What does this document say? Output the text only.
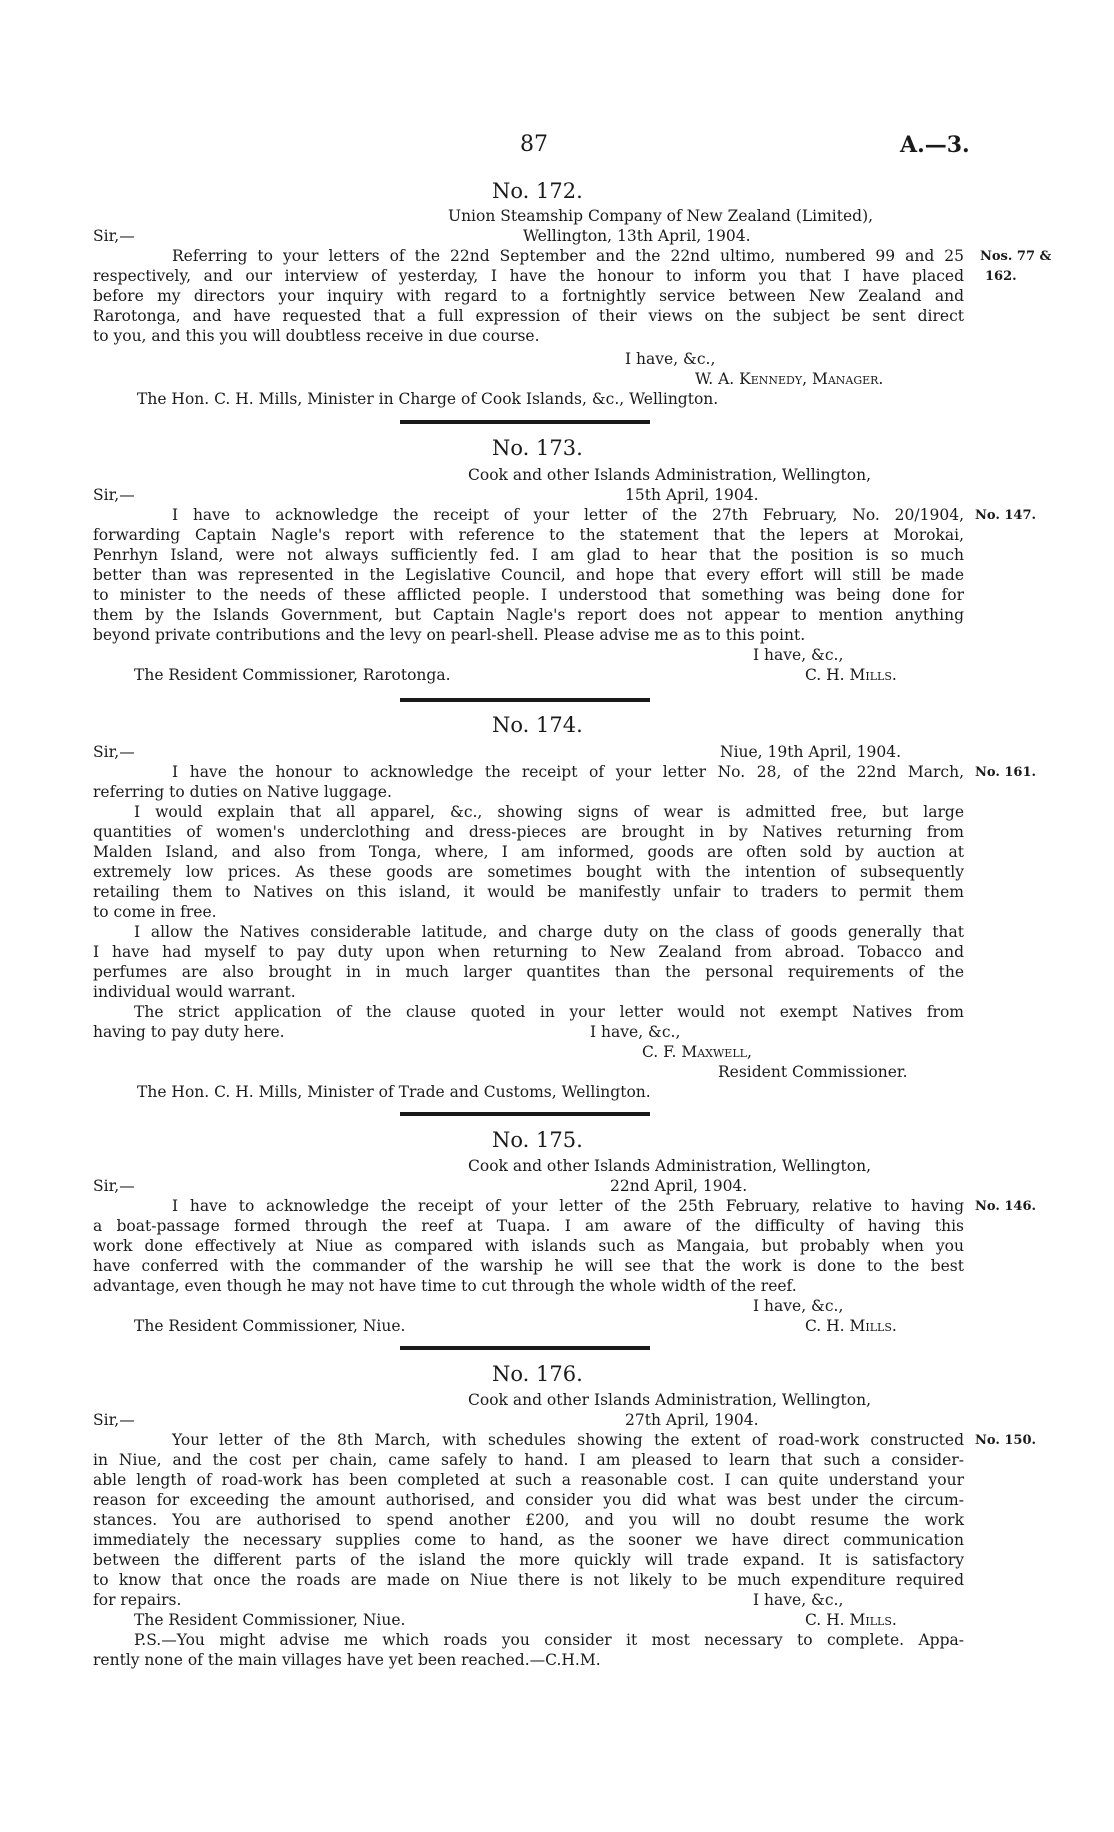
87	A.—3.
No. 172.
Union Steamship Company of New Zealand (Limited),
Sir,—	Wellington, 13th April, 1904.
Referring to your letters of the 22nd September and the 22nd ultimo, numbered 99 and 25
respectively, and our interview of yesterday, I have the honour to inform you that I have placed
before my directors your inquiry with regard to a fortnightly service between New Zealand and
Rarotonga, and have requested that a full expression of their views on the subject be sent direct
to you, and this you will doubtless receive in due course.
Nos. 77 &
162.
I have, &c.,
W. A. Kennedy, Manager.
The Hon. C. H. Mills, Minister in Charge of Cook Islands, &c., Wellington.
No. 173.
Cook and other Islands Administration, Wellington,
Sir,—	15th April, 1904.
I have to acknowledge the receipt of your letter of the 27th February, No. 20/1904,
forwarding Captain Nagle's report with reference to the statement that the lepers at Morokai,
Penrhyn Island, were not always sufficiently fed. I am glad to hear that the position is so much
better than was represented in the Legislative Council, and hope that every effort will still be made
to minister to the needs of these afflicted people. I understood that something was being done for
them by the Islands Government, but Captain Nagle's report does not appear to mention anything
beyond private contributions and the levy on pearl-shell. Please advise me as to this point.
No. 147.
I have, &c.,
The Resident Commissioner, Rarotonga.	C. H. Mills.
No. 174.
Sir,—	Niue, 19th April, 1904.
I have the honour to acknowledge the receipt of your letter No. 28, of the 22nd March,
referring to duties on Native luggage.
I would explain that all apparel, &c., showing signs of wear is admitted free, but large
quantities of women's underclothing and dress-pieces are brought in by Natives returning from
Malden Island, and also from Tonga, where, I am informed, goods are often sold by auction at
extremely low prices. As these goods are sometimes bought with the intention of subsequently
retailing them to Natives on this island, it would be manifestly unfair to traders to permit them
to come in free.
I allow the Natives considerable latitude, and charge duty on the class of goods generally that
I have had myself to pay duty upon when returning to New Zealand from abroad. Tobacco and
perfumes are also brought in in much larger quantites than the personal requirements of the
individual would warrant.
The strict application of the clause quoted in your letter would not exempt Natives from
having to pay duty here.
No. 161.
I have, &c.,
C. F. Maxwell,
Resident Commissioner.
The Hon. C. H. Mills, Minister of Trade and Customs, Wellington.
No. 175.
Cook and other Islands Administration, Wellington,
Sir,—	22nd April, 1904.
I have to acknowledge the receipt of your letter of the 25th February, relative to having
a boat-passage formed through the reef at Tuapa. I am aware of the difficulty of having this
work done effectively at Niue as compared with islands such as Mangaia, but probably when you
have conferred with the commander of the warship he will see that the work is done to the best
advantage, even though he may not have time to cut through the whole width of the reef.
No. 146.
I have, &c.,
The Resident Commissioner, Niue.	C. H. Mills.
No. 176.
Cook and other Islands Administration, Wellington,
Sir,—	27th April, 1904.
Your letter of the 8th March, with schedules showing the extent of road-work constructed
in Niue, and the cost per chain, came safely to hand. I am pleased to learn that such a consider-
able length of road-work has been completed at such a reasonable cost. I can quite understand your
reason for exceeding the amount authorised, and consider you did what was best under the circum-
stances. You are authorised to spend another £200, and you will no doubt resume the work
immediately the necessary supplies come to hand, as the sooner we have direct communication
between the different parts of the island the more quickly will trade expand. It is satisfactory
to know that once the roads are made on Niue there is not likely to be much expenditure required
for repairs.
No. 150.
I have, &c.,
The Resident Commissioner, Niue.	C. H. Mills.
P.S.—You might advise me which roads you consider it most necessary to complete. Appa-
rently none of the main villages have yet been reached.—C.H.M.
